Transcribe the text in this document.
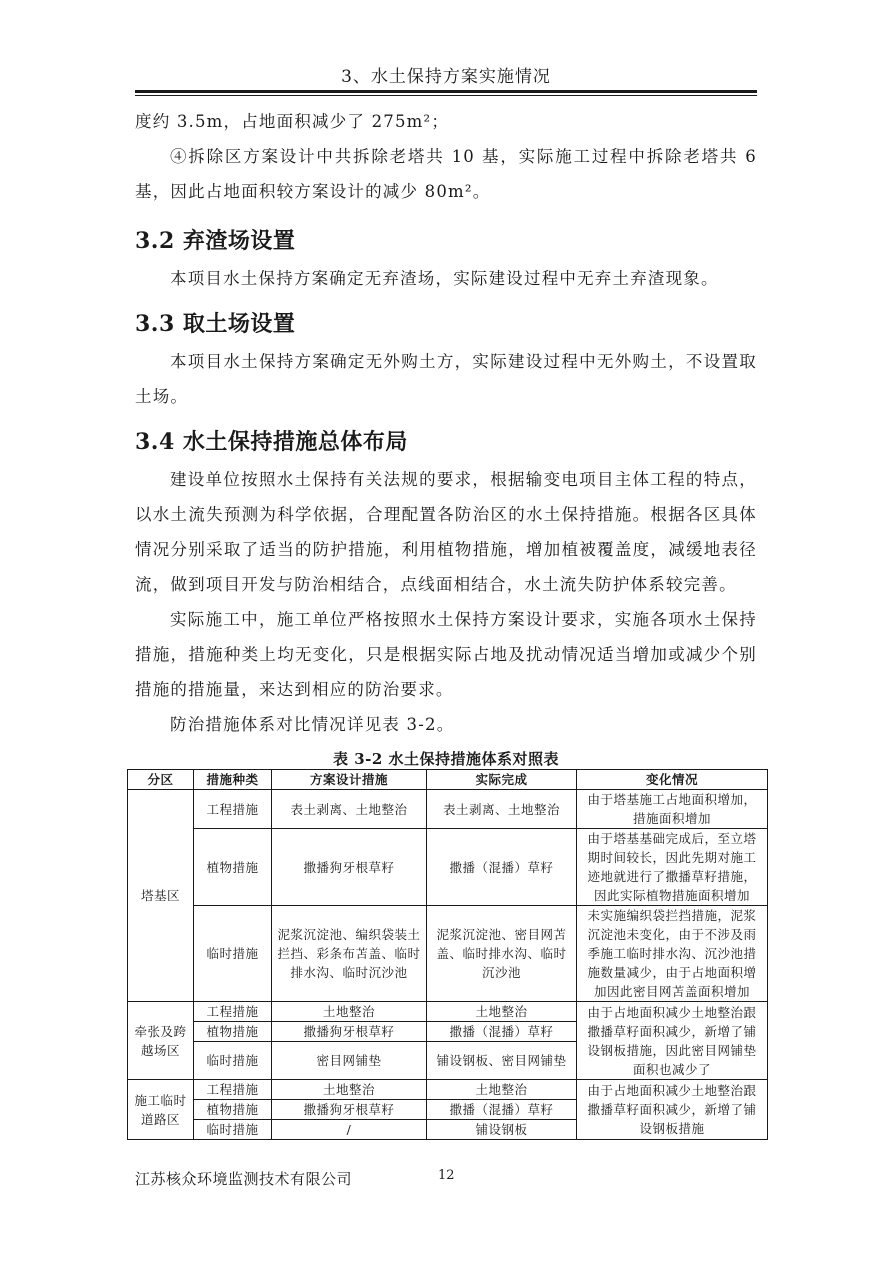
3、水土保持方案实施情况

度约 3.5m，占地面积减少了 275m²；

④拆除区方案设计中共拆除老塔共 10 基，实际施工过程中拆除老塔共 6 基，因此占地面积较方案设计的减少 80m²。

3.2 弃渣场设置

本项目水土保持方案确定无弃渣场，实际建设过程中无弃土弃渣现象。

3.3 取土场设置

本项目水土保持方案确定无外购土方，实际建设过程中无外购土，不设置取土场。

3.4 水土保持措施总体布局

建设单位按照水土保持有关法规的要求，根据输变电项目主体工程的特点，以水土流失预测为科学依据，合理配置各防治区的水土保持措施。根据各区具体情况分别采取了适当的防护措施，利用植物措施，增加植被覆盖度，减缓地表径流，做到项目开发与防治相结合，点线面相结合，水土流失防护体系较完善。

实际施工中，施工单位严格按照水土保持方案设计要求，实施各项水土保持措施，措施种类上均无变化，只是根据实际占地及扰动情况适当增加或减少个别措施的措施量，来达到相应的防治要求。

防治措施体系对比情况详见表 3-2。

表 3-2 水土保持措施体系对照表
分区	措施种类	方案设计措施	实际完成	变化情况
塔基区	工程措施	表土剥离、土地整治	表土剥离、土地整治	由于塔基施工占地面积增加，措施面积增加
	植物措施	撒播狗牙根草籽	撒播（混播）草籽	由于塔基基础完成后，至立塔期时间较长，因此先期对施工迹地就进行了撒播草籽措施，因此实际植物措施面积增加
	临时措施	泥浆沉淀池、编织袋装土拦挡、彩条布苫盖、临时排水沟、临时沉沙池	泥浆沉淀池、密目网苫盖、临时排水沟、临时沉沙池	未实施编织袋拦挡措施，泥浆沉淀池未变化，由于不涉及雨季施工临时排水沟、沉沙池措施数量减少，由于占地面积增加因此密目网苫盖面积增加
牵张及跨越场区	工程措施	土地整治	土地整治	由于占地面积减少土地整治跟撒播草籽面积减少，新增了铺设钢板措施，因此密目网铺垫面积也减少了
	植物措施	撒播狗牙根草籽	撒播（混播）草籽	
	临时措施	密目网铺垫	铺设钢板、密目网铺垫	
施工临时道路区	工程措施	土地整治	土地整治	由于占地面积减少土地整治跟撒播草籽面积减少，新增了铺设钢板措施
	植物措施	撒播狗牙根草籽	撒播（混播）草籽	
	临时措施	/	铺设钢板	
江苏核众环境监测技术有限公司	12
